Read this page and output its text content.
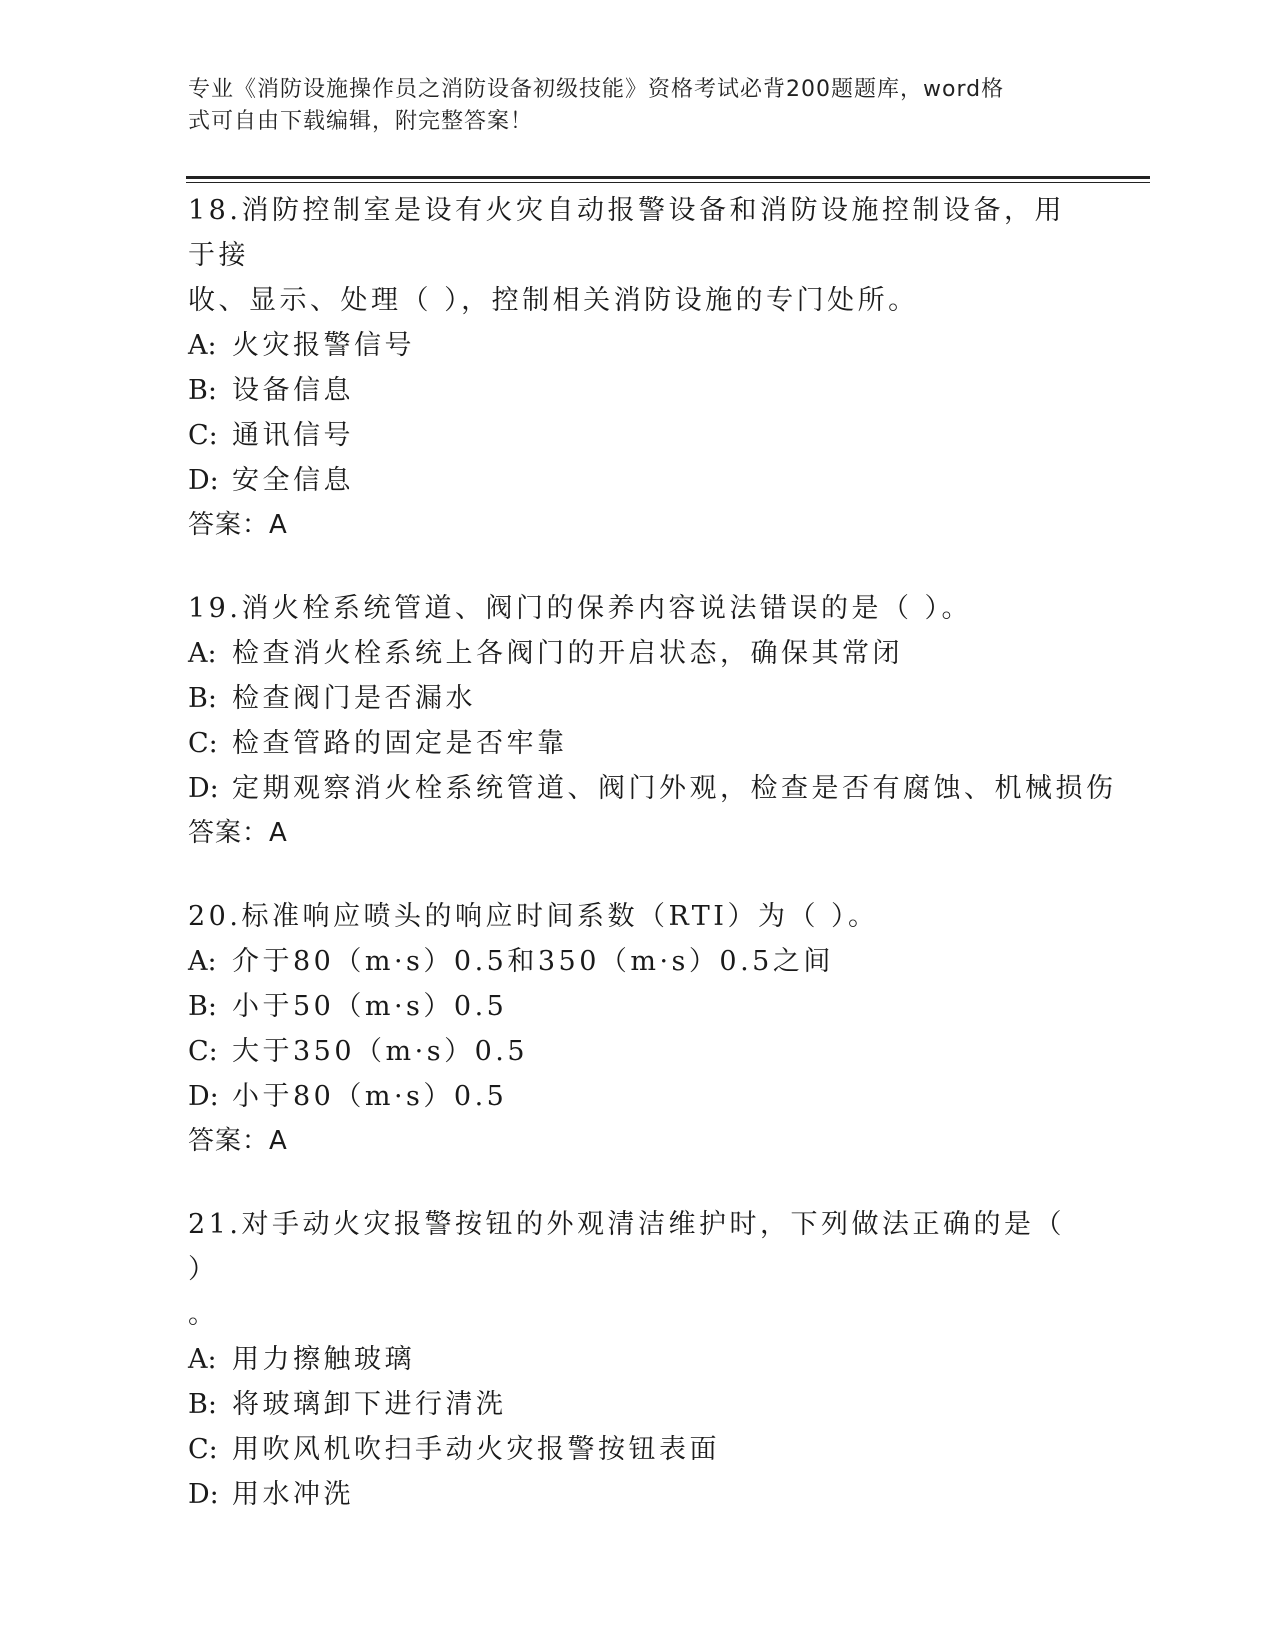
专业《消防设施操作员之消防设备初级技能》资格考试必背200题题库，word格
式可自由下载编辑，附完整答案！

18.消防控制室是设有火灾自动报警设备和消防设施控制设备，用于接

收、显示、处理（ ），控制相关消防设施的专门处所。

A: 火灾报警信号

B: 设备信息

C: 通讯信号

D: 安全信息

答案：A

19.消火栓系统管道、阀门的保养内容说法错误的是（ ）。

A: 检查消火栓系统上各阀门的开启状态，确保其常闭

B: 检查阀门是否漏水

C: 检查管路的固定是否牢靠

D: 定期观察消火栓系统管道、阀门外观，检查是否有腐蚀、机械损伤

答案：A

20.标准响应喷头的响应时间系数（RTI）为（ ）。

A: 介于80（m·s）0.5和350（m·s）0.5之间

B: 小于50（m·s）0.5

C: 大于350（m·s）0.5

D: 小于80（m·s）0.5

答案：A

21.对手动火灾报警按钮的外观清洁维护时，下列做法正确的是（ ）

。

A: 用力擦触玻璃

B: 将玻璃卸下进行清洗

C: 用吹风机吹扫手动火灾报警按钮表面

D: 用水冲洗
